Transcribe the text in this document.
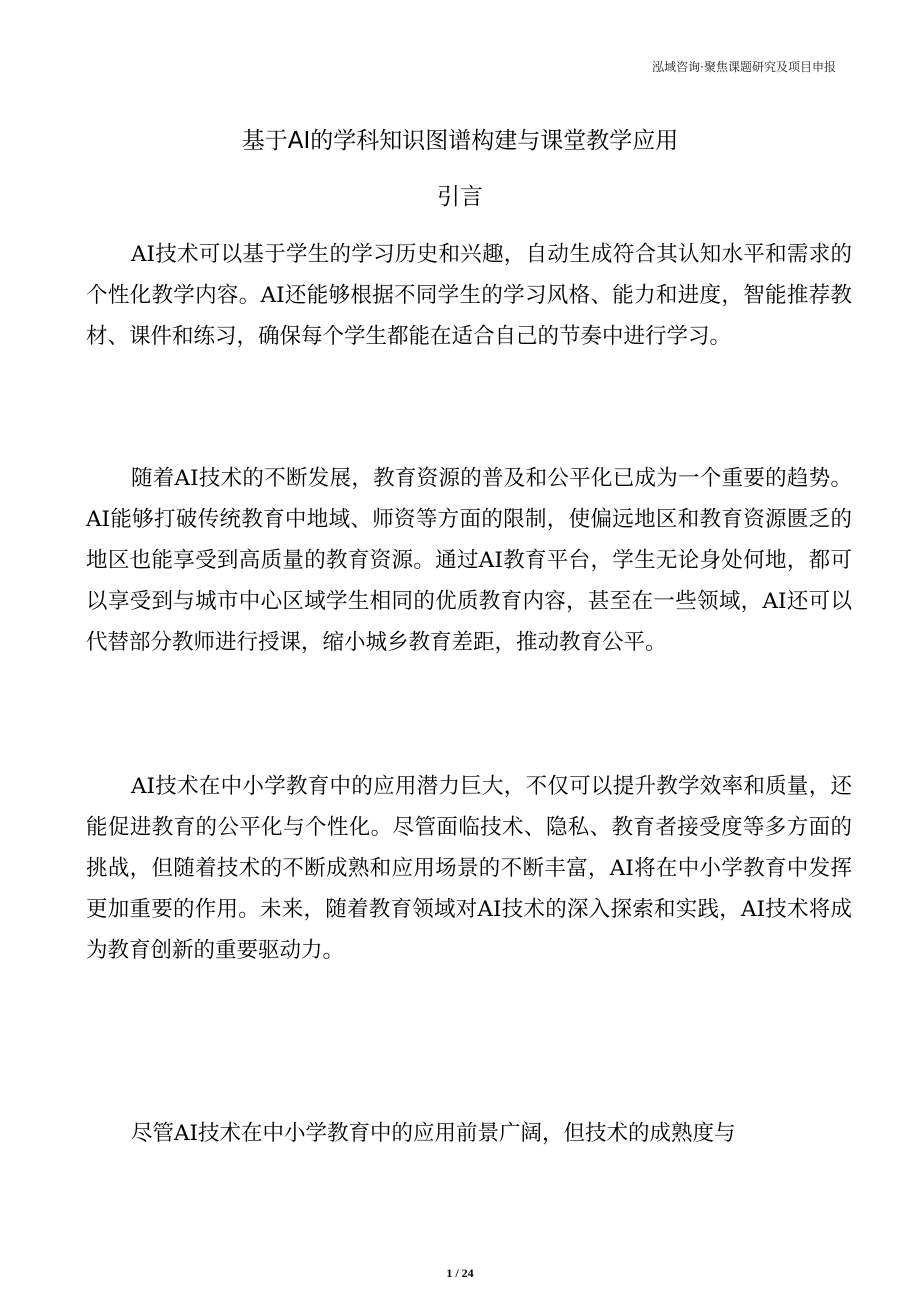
泓域咨询·聚焦课题研究及项目申报
基于AI的学科知识图谱构建与课堂教学应用
引言

AI技术可以基于学生的学习历史和兴趣，自动生成符合其认知水平和需求的个性化教学内容。AI还能够根据不同学生的学习风格、能力和进度，智能推荐教材、课件和练习，确保每个学生都能在适合自己的节奏中进行学习。

随着AI技术的不断发展，教育资源的普及和公平化已成为一个重要的趋势。AI能够打破传统教育中地域、师资等方面的限制，使偏远地区和教育资源匮乏的地区也能享受到高质量的教育资源。通过AI教育平台，学生无论身处何地，都可以享受到与城市中心区域学生相同的优质教育内容，甚至在一些领域，AI还可以代替部分教师进行授课，缩小城乡教育差距，推动教育公平。

AI技术在中小学教育中的应用潜力巨大，不仅可以提升教学效率和质量，还能促进教育的公平化与个性化。尽管面临技术、隐私、教育者接受度等多方面的挑战，但随着技术的不断成熟和应用场景的不断丰富，AI将在中小学教育中发挥更加重要的作用。未来，随着教育领域对AI技术的深入探索和实践，AI技术将成为教育创新的重要驱动力。

尽管AI技术在中小学教育中的应用前景广阔，但技术的成熟度与

1 / 24
